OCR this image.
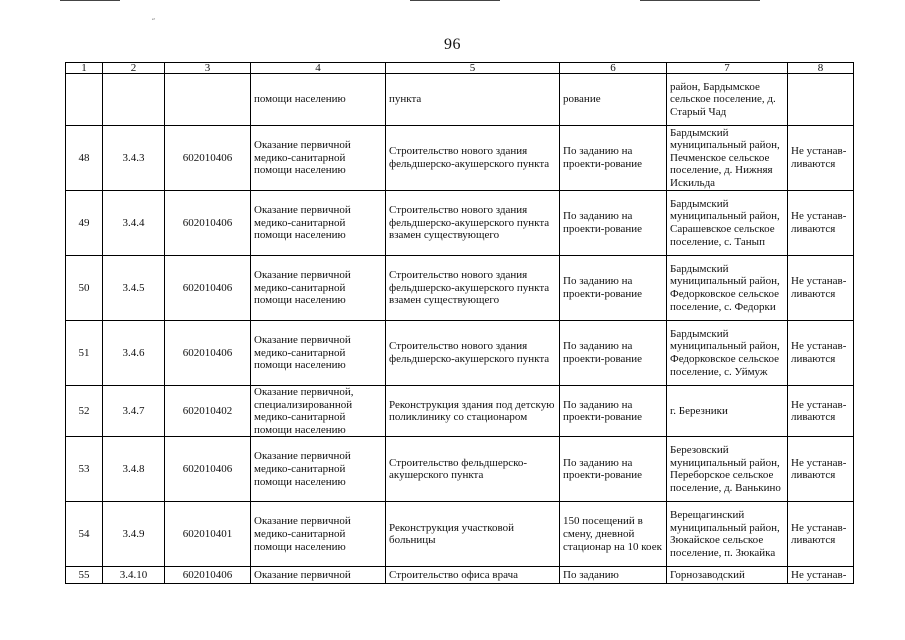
˝
96
1	2	3	4	5	6	7	8
			помощи населению	пункта	рование	район, Бардымское сельское поселение, д. Старый Чад	
48	3.4.3	602010406	Оказание первичной медико-санитарной помощи населению	Строительство нового здания фельдшерско-акушерского пункта	По заданию на проекти-рование	Бардымский муниципальный район, Печменское сельское поселение, д. Нижняя Искильда	Не устанав-ливаются
49	3.4.4	602010406	Оказание первичной медико-санитарной помощи населению	Строительство нового здания фельдшерско-акушерского пункта взамен существующего	По заданию на проекти-рование	Бардымский муниципальный район, Сарашевское сельское поселение, с. Танып	Не устанав-ливаются
50	3.4.5	602010406	Оказание первичной медико-санитарной помощи населению	Строительство нового здания фельдшерско-акушерского пункта взамен существующего	По заданию на проекти-рование	Бардымский муниципальный район, Федорковское сельское поселение, с. Федорки	Не устанав-ливаются
51	3.4.6	602010406	Оказание первичной медико-санитарной помощи населению	Строительство нового здания фельдшерско-акушерского пункта	По заданию на проекти-рование	Бардымский муниципальный район, Федорковское сельское поселение, с. Уймуж	Не устанав-ливаются
52	3.4.7	602010402	Оказание первичной, специализированной медико-санитарной помощи населению	Реконструкция здания под детскую поликлинику со стационаром	По заданию на проекти-рование	г. Березники	Не устанав-ливаются
53	3.4.8	602010406	Оказание первичной медико-санитарной помощи населению	Строительство фельдшерско-акушерского пункта	По заданию на проекти-рование	Березовский муниципальный район, Переборское сельское поселение, д. Ванькино	Не устанав-ливаются
54	3.4.9	602010401	Оказание первичной медико-санитарной помощи населению	Реконструкция участковой больницы	150 посещений в смену, дневной стационар на 10 коек	Верещагинский муниципальный район, Зюкайское сельское поселение, п. Зюкайка	Не устанав-ливаются
55	3.4.10	602010406	Оказание первичной	Строительство офиса врача	По заданию	Горнозаводский	Не устанав-
